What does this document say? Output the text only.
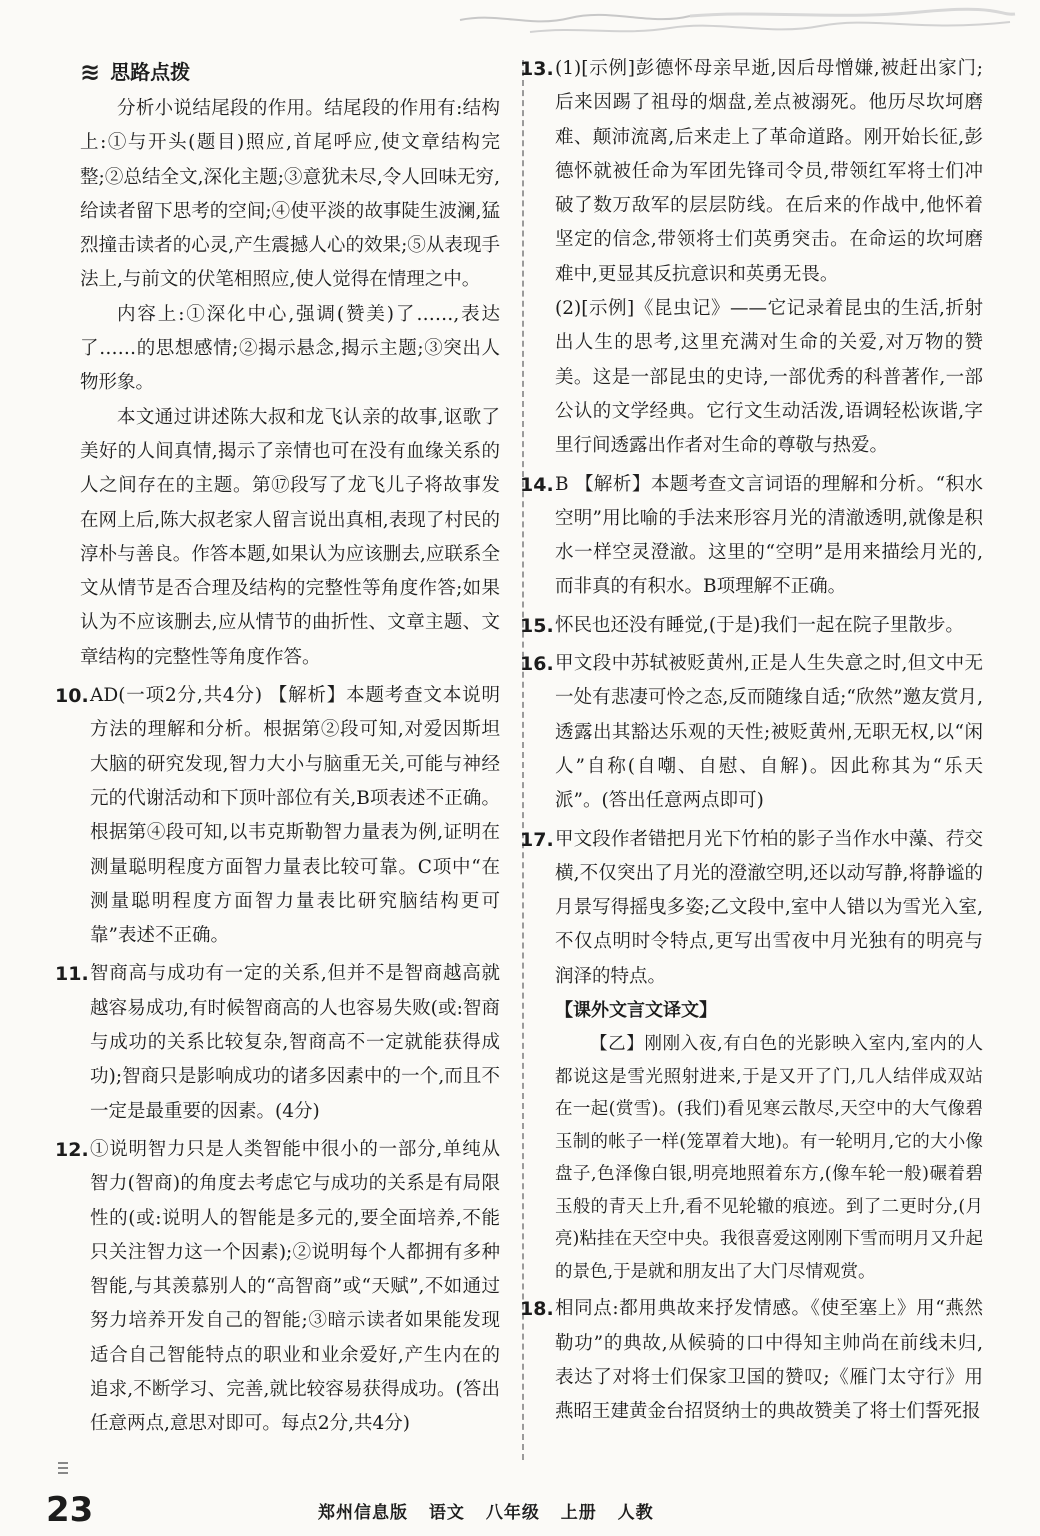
≋ 思路点拨

分析小说结尾段的作用。结尾段的作用有:结构上:①与开头(题目)照应,首尾呼应,使文章结构完整;②总结全文,深化主题;③意犹未尽,令人回味无穷,给读者留下思考的空间;④使平淡的故事陡生波澜,猛烈撞击读者的心灵,产生震撼人心的效果;⑤从表现手法上,与前文的伏笔相照应,使人觉得在情理之中。

内容上:①深化中心,强调(赞美)了……,表达了……的思想感情;②揭示悬念,揭示主题;③突出人物形象。

本文通过讲述陈大叔和龙飞认亲的故事,讴歌了美好的人间真情,揭示了亲情也可在没有血缘关系的人之间存在的主题。第⑰段写了龙飞儿子将故事发在网上后,陈大叔老家人留言说出真相,表现了村民的淳朴与善良。作答本题,如果认为应该删去,应联系全文从情节是否合理及结构的完整性等角度作答;如果认为不应该删去,应从情节的曲折性、文章主题、文章结构的完整性等角度作答。

10. AD(一项2分,共4分) 【解析】本题考查文本说明方法的理解和分析。根据第②段可知,对爱因斯坦大脑的研究发现,智力大小与脑重无关,可能与神经元的代谢活动和下顶叶部位有关,B项表述不正确。根据第④段可知,以韦克斯勒智力量表为例,证明在测量聪明程度方面智力量表比较可靠。C项中“在测量聪明程度方面智力量表比研究脑结构更可靠”表述不正确。

11. 智商高与成功有一定的关系,但并不是智商越高就越容易成功,有时候智商高的人也容易失败(或:智商与成功的关系比较复杂,智商高不一定就能获得成功);智商只是影响成功的诸多因素中的一个,而且不一定是最重要的因素。(4分)

12. ①说明智力只是人类智能中很小的一部分,单纯从智力(智商)的角度去考虑它与成功的关系是有局限性的(或:说明人的智能是多元的,要全面培养,不能只关注智力这一个因素);②说明每个人都拥有多种智能,与其羡慕别人的“高智商”或“天赋”,不如通过努力培养开发自己的智能;③暗示读者如果能发现适合自己智能特点的职业和业余爱好,产生内在的追求,不断学习、完善,就比较容易获得成功。(答出任意两点,意思对即可。每点2分,共4分)

13. (1)[示例]彭德怀母亲早逝,因后母憎嫌,被赶出家门;后来因踢了祖母的烟盘,差点被溺死。他历尽坎坷磨难、颠沛流离,后来走上了革命道路。刚开始长征,彭德怀就被任命为军团先锋司令员,带领红军将士们冲破了数万敌军的层层防线。在后来的作战中,他怀着坚定的信念,带领将士们英勇突击。在命运的坎坷磨难中,更显其反抗意识和英勇无畏。

(2)[示例]《昆虫记》——它记录着昆虫的生活,折射出人生的思考,这里充满对生命的关爱,对万物的赞美。这是一部昆虫的史诗,一部优秀的科普著作,一部公认的文学经典。它行文生动活泼,语调轻松诙谐,字里行间透露出作者对生命的尊敬与热爱。

14. B 【解析】本题考查文言词语的理解和分析。“积水空明”用比喻的手法来形容月光的清澈透明,就像是积水一样空灵澄澈。这里的“空明”是用来描绘月光的,而非真的有积水。B项理解不正确。

15. 怀民也还没有睡觉,(于是)我们一起在院子里散步。

16. 甲文段中苏轼被贬黄州,正是人生失意之时,但文中无一处有悲凄可怜之态,反而随缘自适;“欣然”邀友赏月,透露出其豁达乐观的天性;被贬黄州,无职无权,以“闲人”自称(自嘲、自慰、自解)。因此称其为“乐天派”。(答出任意两点即可)

17. 甲文段作者错把月光下竹柏的影子当作水中藻、荇交横,不仅突出了月光的澄澈空明,还以动写静,将静谧的月景写得摇曳多姿;乙文段中,室中人错以为雪光入室,不仅点明时令特点,更写出雪夜中月光独有的明亮与润泽的特点。

【课外文言文译文】

【乙】刚刚入夜,有白色的光影映入室内,室内的人都说这是雪光照射进来,于是又开了门,几人结伴成双站在一起(赏雪)。(我们)看见寒云散尽,天空中的大气像碧玉制的帐子一样(笼罩着大地)。有一轮明月,它的大小像盘子,色泽像白银,明亮地照着东方,(像车轮一般)碾着碧玉般的青天上升,看不见轮辙的痕迹。到了二更时分,(月亮)粘挂在天空中央。我很喜爱这刚刚下雪而明月又升起的景色,于是就和朋友出了大门尽情观赏。

18. 相同点:都用典故来抒发情感。《使至塞上》用“燕然勒功”的典故,从候骑的口中得知主帅尚在前线未归,表达了对将士们保家卫国的赞叹;《雁门太守行》用燕昭王建黄金台招贤纳士的典故赞美了将士们誓死报

23	郑州信息版 语文 八年级 上册 人教
